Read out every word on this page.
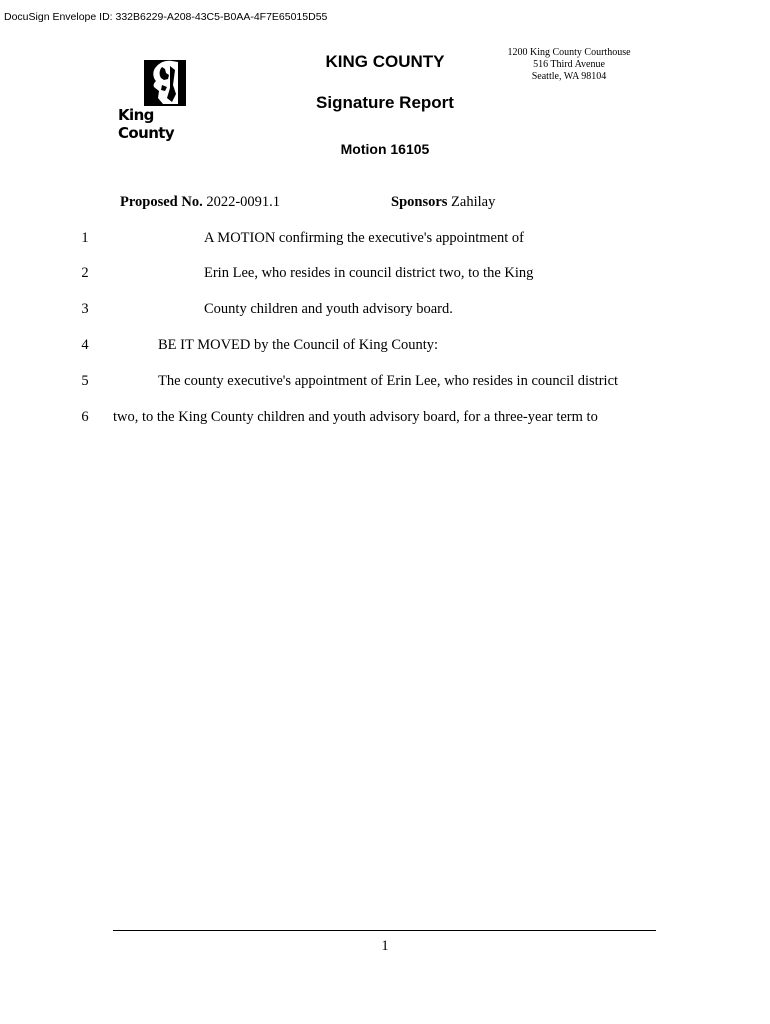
DocuSign Envelope ID: 332B6229-A208-43C5-B0AA-4F7E65015D55
King County
KING COUNTY	1200 King County Courthouse
516 Third Avenue
Seattle, WA 98104
Signature Report
Motion 16105
Proposed No. 2022-0091.1	Sponsors Zahilay
1	A MOTION confirming the executive's appointment of
2	Erin Lee, who resides in council district two, to the King
3	County children and youth advisory board.
4	BE IT MOVED by the Council of King County:
5	The county executive's appointment of Erin Lee, who resides in council district
6 two, to the King County children and youth advisory board, for a three-year term to
1
